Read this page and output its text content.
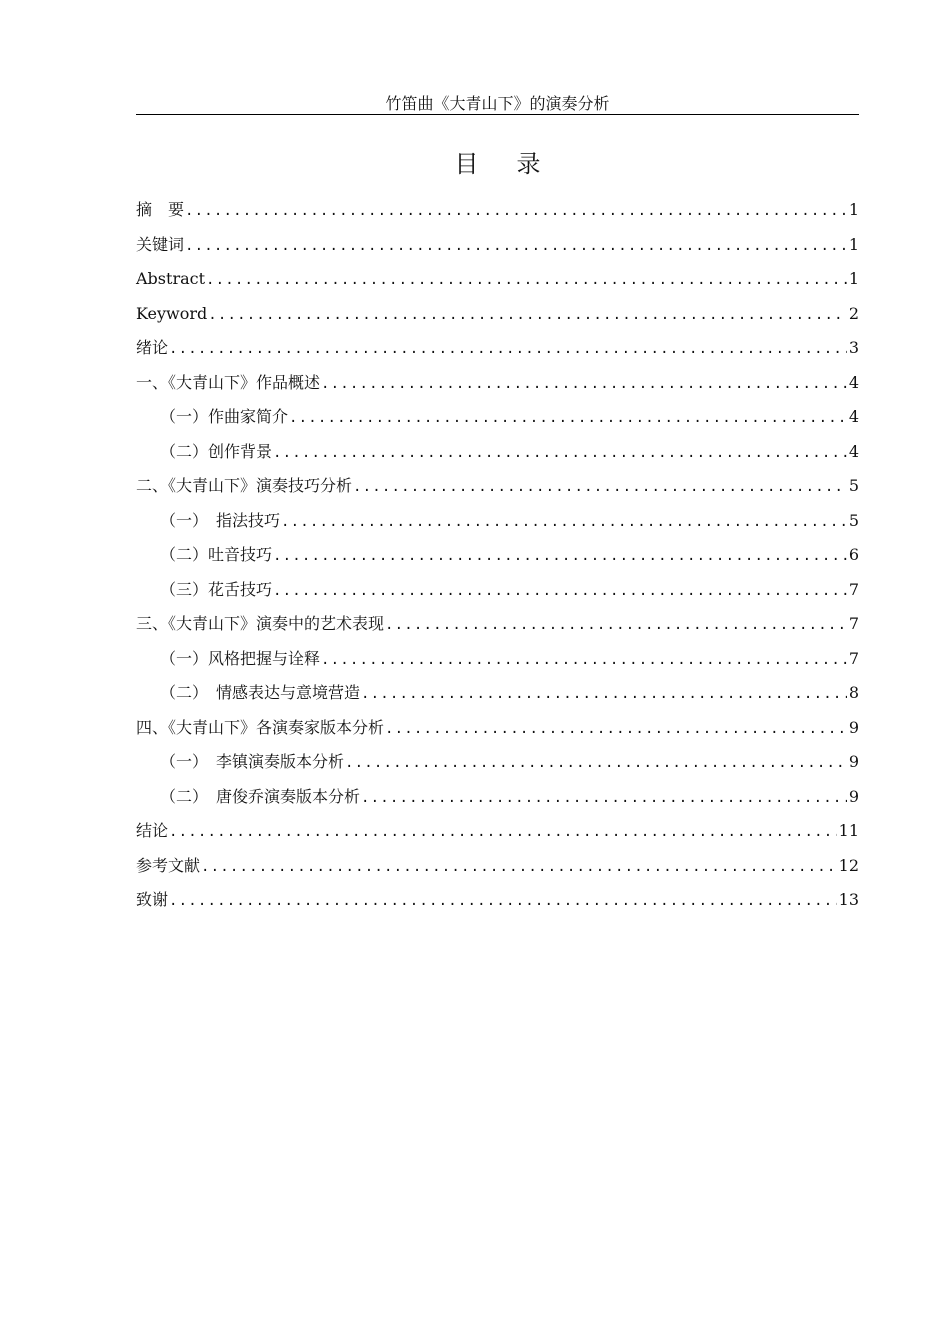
竹笛曲《大青山下》的演奏分析
目录
摘　要 .....	1
关键词 .....	1
Abstract .....	1
Keyword .....	2
绪论 .....	3
一、《大青山下》作品概述 .....	4
（一）作曲家简介 .....	4
（二）创作背景 .....	4
二、《大青山下》演奏技巧分析 .....	5
（一）　指法技巧 .....	5
（二）吐音技巧 .....	6
（三）花舌技巧 .....	7
三、《大青山下》演奏中的艺术表现 .....	7
（一）风格把握与诠释 .....	7
（二）　情感表达与意境营造 .....	8
四、《大青山下》各演奏家版本分析 .....	9
（一）　李镇演奏版本分析 .....	9
（二）　唐俊乔演奏版本分析 .....	9
结论 .....	11
参考文献 .....	12
致谢 .....	13
